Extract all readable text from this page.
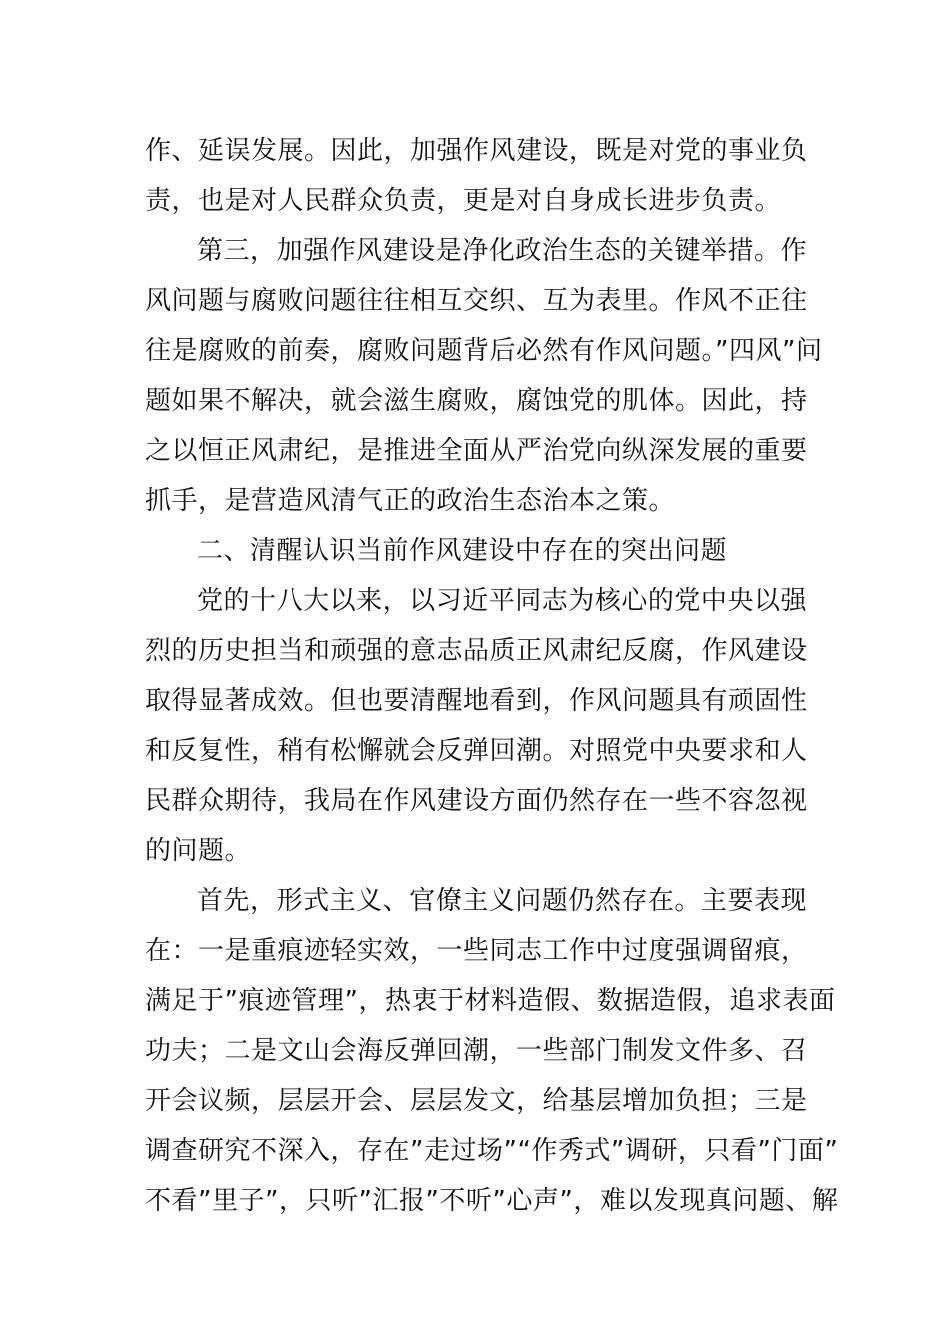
作、延误发展。因此，加强作风建设，既是对党的事业负
责，也是对人民群众负责，更是对自身成长进步负责。
第三，加强作风建设是净化政治生态的关键举措。作
风问题与腐败问题往往相互交织、互为表里。作风不正往
往是腐败的前奏，腐败问题背后必然有作风问题。”四风”问
题如果不解决，就会滋生腐败，腐蚀党的肌体。因此，持
之以恒正风肃纪，是推进全面从严治党向纵深发展的重要
抓手，是营造风清气正的政治生态治本之策。
二、清醒认识当前作风建设中存在的突出问题
党的十八大以来，以习近平同志为核心的党中央以强
烈的历史担当和顽强的意志品质正风肃纪反腐，作风建设
取得显著成效。但也要清醒地看到，作风问题具有顽固性
和反复性，稍有松懈就会反弹回潮。对照党中央要求和人
民群众期待，我局在作风建设方面仍然存在一些不容忽视
的问题。
首先，形式主义、官僚主义问题仍然存在。主要表现
在：一是重痕迹轻实效，一些同志工作中过度强调留痕，
满足于”痕迹管理”，热衷于材料造假、数据造假，追求表面
功夫；二是文山会海反弹回潮，一些部门制发文件多、召
开会议频，层层开会、层层发文，给基层增加负担；三是
调查研究不深入，存在”走过场”“作秀式”调研，只看”门面”
不看”里子”，只听”汇报”不听”心声”，难以发现真问题、解
